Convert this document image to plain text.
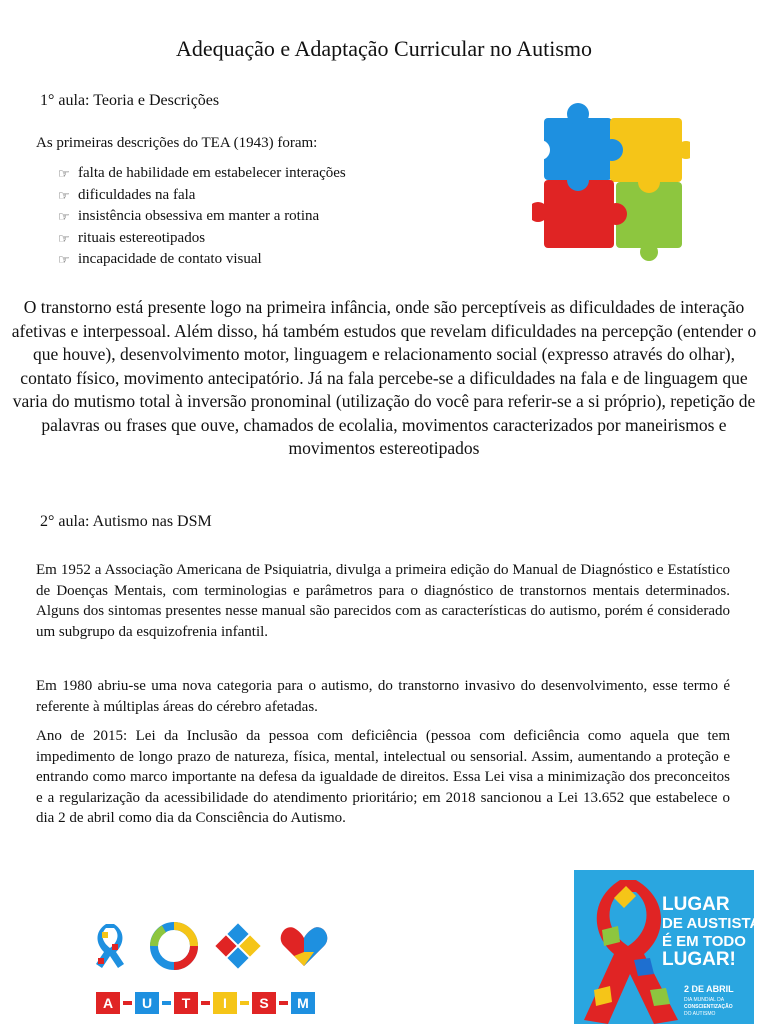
Adequação e Adaptação Curricular no Autismo
1° aula: Teoria e Descrições
As primeiras descrições do TEA (1943) foram:
☞ falta de habilidade em estabelecer interações
☞ dificuldades na fala
☞ insistência obsessiva em manter a rotina
☞ rituais estereotipados
☞ incapacidade de contato visual
O transtorno está presente logo na primeira infância, onde são perceptíveis as dificuldades de interação afetivas e interpessoal. Além disso, há também estudos que revelam dificuldades na percepção (entender o que houve), desenvolvimento motor, linguagem e relacionamento social (expresso através do olhar), contato físico, movimento antecipatório. Já na fala percebe-se a dificuldades na fala e de linguagem que varia do mutismo total à inversão pronominal (utilização do você para referir-se a si próprio), repetição de palavras ou frases que ouve, chamados de ecolalia, movimentos caracterizados por maneirismos e movimentos estereotipados
2° aula: Autismo nas DSM
Em 1952 a Associação Americana de Psiquiatria, divulga a primeira edição do Manual de Diagnóstico e Estatístico de Doenças Mentais, com terminologias e parâmetros para o diagnóstico de transtornos mentais determinados. Alguns dos sintomas presentes nesse manual são parecidos com as características do autismo, porém é considerado um subgrupo da esquizofrenia infantil.
Em 1980 abriu-se uma nova categoria para o autismo, do transtorno invasivo do desenvolvimento, esse termo é referente à múltiplas áreas do cérebro afetadas.
Ano de 2015: Lei da Inclusão da pessoa com deficiência (pessoa com deficiência como aquela que tem impedimento de longo prazo de natureza, física, mental, intelectual ou sensorial. Assim, aumentando a proteção e entrando como marco importante na defesa da igualdade de direitos. Essa Lei visa a minimização dos preconceitos e a regularização da acessibilidade do atendimento prioritário; em 2018 sancionou a Lei 13.652 que estabelece o dia 2 de abril como dia da Consciência do Autismo.
A U T I S M
LUGAR
DE AUSTISTA
É EM TODO
LUGAR!
2 DE ABRIL
DIA MUNDIAL DA
CONSCIENTIZAÇÃO
DO AUTISMO
